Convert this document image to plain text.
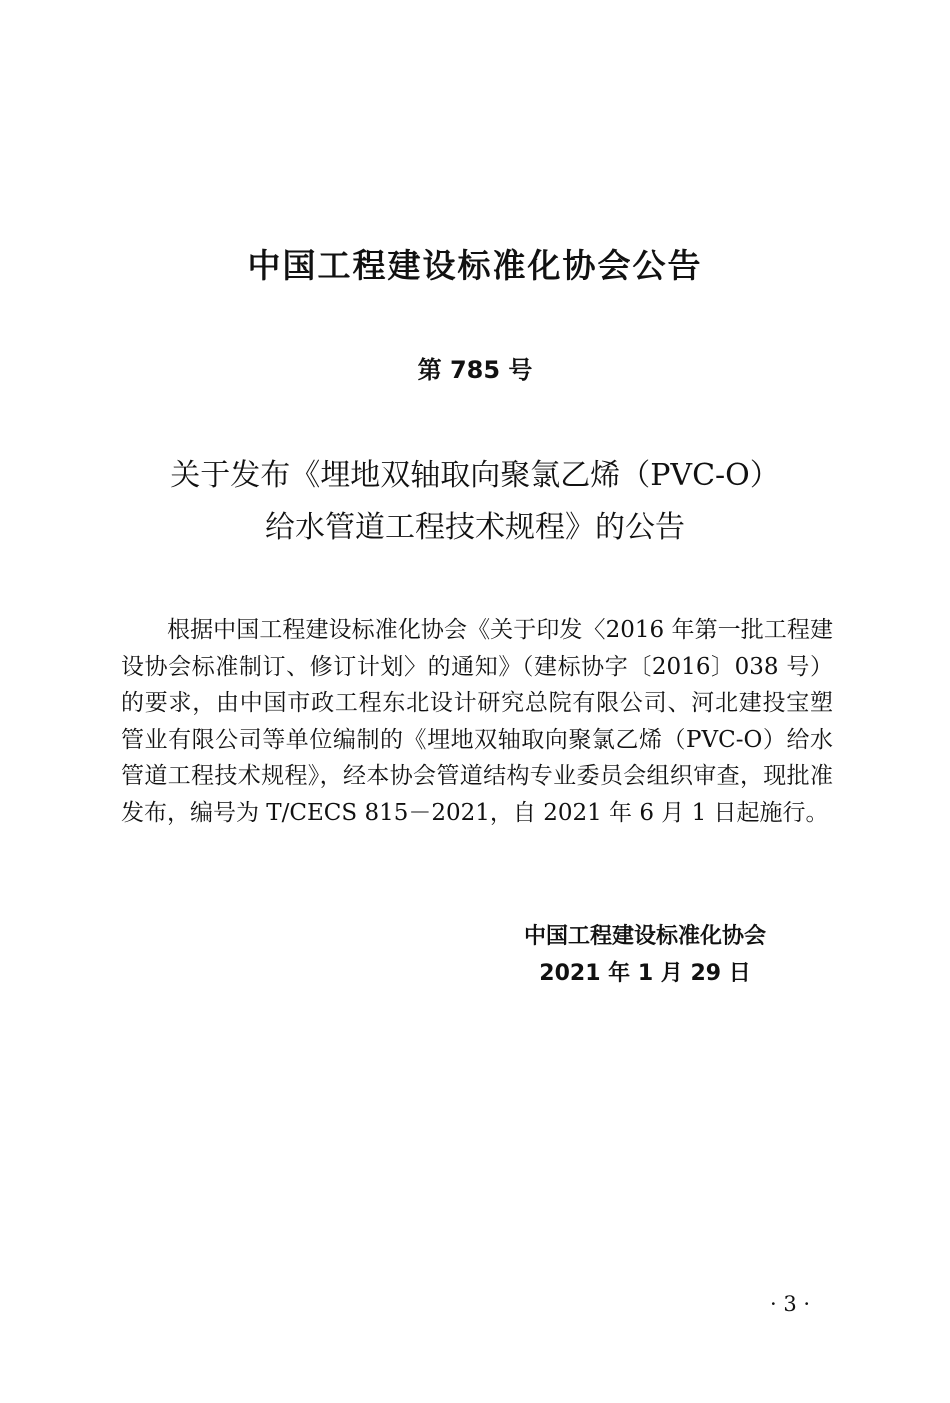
中国工程建设标准化协会公告
第 785 号
关于发布《埋地双轴取向聚氯乙烯（PVC-O）
给水管道工程技术规程》的公告

根据中国工程建设标准化协会《关于印发〈2016 年第一批工程建设协会标准制订、修订计划〉的通知》（建标协字〔2016〕038 号）的要求，由中国市政工程东北设计研究总院有限公司、河北建投宝塑管业有限公司等单位编制的《埋地双轴取向聚氯乙烯（PVC-O）给水管道工程技术规程》，经本协会管道结构专业委员会组织审查，现批准发布，编号为 T/CECS 815－2021，自 2021 年 6 月 1 日起施行。

中国工程建设标准化协会
2021 年 1 月 29 日
· 3 ·
